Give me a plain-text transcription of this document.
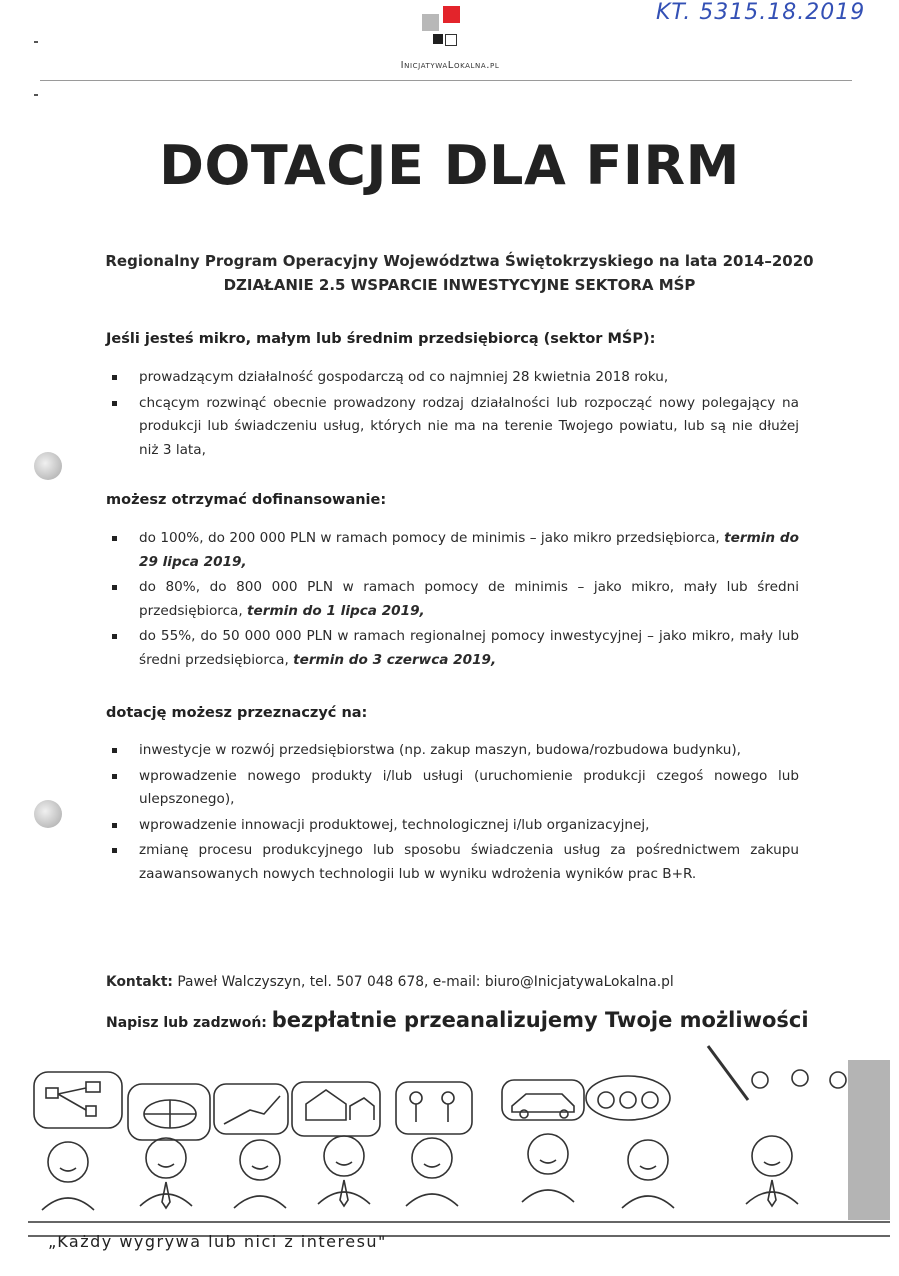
InicjatywaLokalna.pl
KT. 5315.18.2019
DOTACJE DLA FIRM
Regionalny Program Operacyjny Województwa Świętokrzyskiego na lata 2014–2020
DZIAŁANIE 2.5 WSPARCIE INWESTYCYJNE SEKTORA MŚP

Jeśli jesteś mikro, małym lub średnim przedsiębiorcą (sektor MŚP):

prowadzącym działalność gospodarczą od co najmniej 28 kwietnia 2018 roku,
chcącym rozwinąć obecnie prowadzony rodzaj działalności lub rozpocząć nowy polegający na produkcji lub świadczeniu usług, których nie ma na terenie Twojego powiatu, lub są nie dłużej niż 3 lata,

możesz otrzymać dofinansowanie:

do 100%, do 200 000 PLN w ramach pomocy de minimis – jako mikro przedsiębiorca, termin do 29 lipca 2019,
do 80%, do 800 000 PLN w ramach pomocy de minimis – jako mikro, mały lub średni przedsiębiorca, termin do 1 lipca 2019,
do 55%, do 50 000 000 PLN w ramach regionalnej pomocy inwestycyjnej – jako mikro, mały lub średni przedsiębiorca, termin do 3 czerwca 2019,

dotację możesz przeznaczyć na:

inwestycje w rozwój przedsiębiorstwa (np. zakup maszyn, budowa/rozbudowa budynku),
wprowadzenie nowego produkty i/lub usługi (uruchomienie produkcji czegoś nowego lub ulepszonego),
wprowadzenie innowacji produktowej, technologicznej i/lub organizacyjnej,
zmianę procesu produkcyjnego lub sposobu świadczenia usług za pośrednictwem zakupu zaawansowanych nowych technologii lub w wyniku wdrożenia wyników prac B+R.
Kontakt: Paweł Walczyszyn, tel. 507 048 678, e-mail: biuro@InicjatywaLokalna.pl
Napisz lub zadzwoń: bezpłatnie przeanalizujemy Twoje możliwości
„Każdy wygrywa lub nici z interesu"
